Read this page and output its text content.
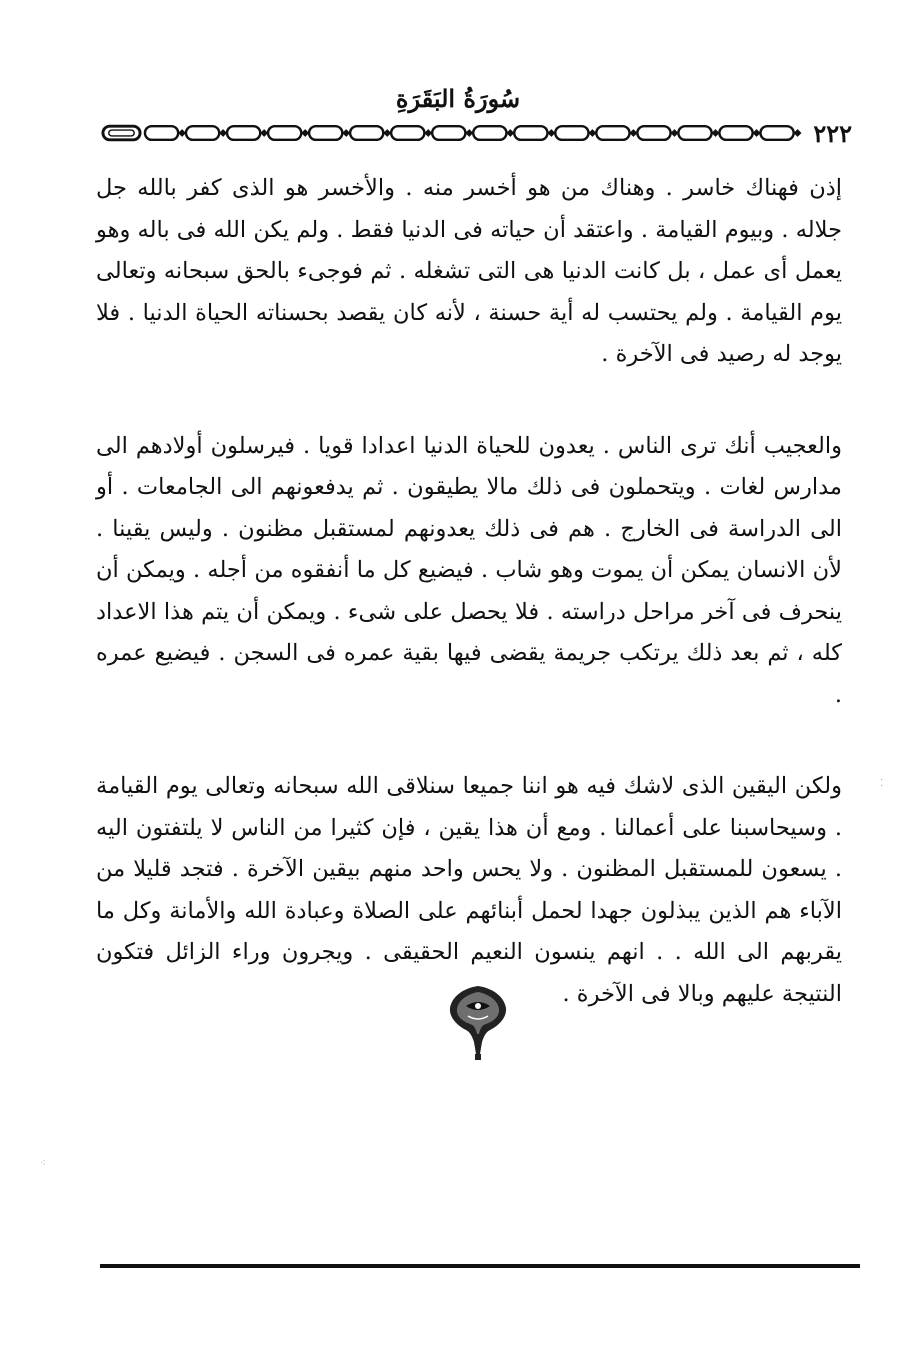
سُورَةُ البَقَرَةِ
٢٢٢

إذن فهناك خاسر . وهناك من هو أخسر منه . والأخسر هو الذى كفر بالله جل جلاله . وبيوم القيامة . واعتقد أن حياته فى الدنيا فقط . ولم يكن الله فى باله وهو يعمل أى عمل ، بل كانت الدنيا هى التى تشغله . ثم فوجىء بالحق سبحانه وتعالى يوم القيامة . ولم يحتسب له أية حسنة ، لأنه كان يقصد بحسناته الحياة الدنيا . فلا يوجد له رصيد فى الآخرة .

والعجيب أنك ترى الناس . يعدون للحياة الدنيا اعدادا قويا . فيرسلون أولادهم الى مدارس لغات . ويتحملون فى ذلك مالا يطيقون . ثم يدفعونهم الى الجامعات . أو الى الدراسة فى الخارج . هم فى ذلك يعدونهم لمستقبل مظنون . وليس يقينا . لأن الانسان يمكن أن يموت وهو شاب . فيضيع كل ما أنفقوه من أجله . ويمكن أن ينحرف فى آخر مراحل دراسته . فلا يحصل على شىء . ويمكن أن يتم هذا الاعداد كله ، ثم بعد ذلك يرتكب جريمة يقضى فيها بقية عمره فى السجن . فيضيع عمره .

ولكن اليقين الذى لاشك فيه هو اننا جميعا سنلاقى الله سبحانه وتعالى يوم القيامة . وسيحاسبنا على أعمالنا . ومع أن هذا يقين ، فإن كثيرا من الناس لا يلتفتون اليه . يسعون للمستقبل المظنون . ولا يحس واحد منهم بيقين الآخرة . فتجد قليلا من الآباء هم الذين يبذلون جهدا لحمل أبنائهم على الصلاة وعبادة الله والأمانة وكل ما يقربهم الى الله . . انهم ينسون النعيم الحقيقى . ويجرون وراء الزائل فتكون النتيجة عليهم وبالا فى الآخرة .

⁚
⁖
